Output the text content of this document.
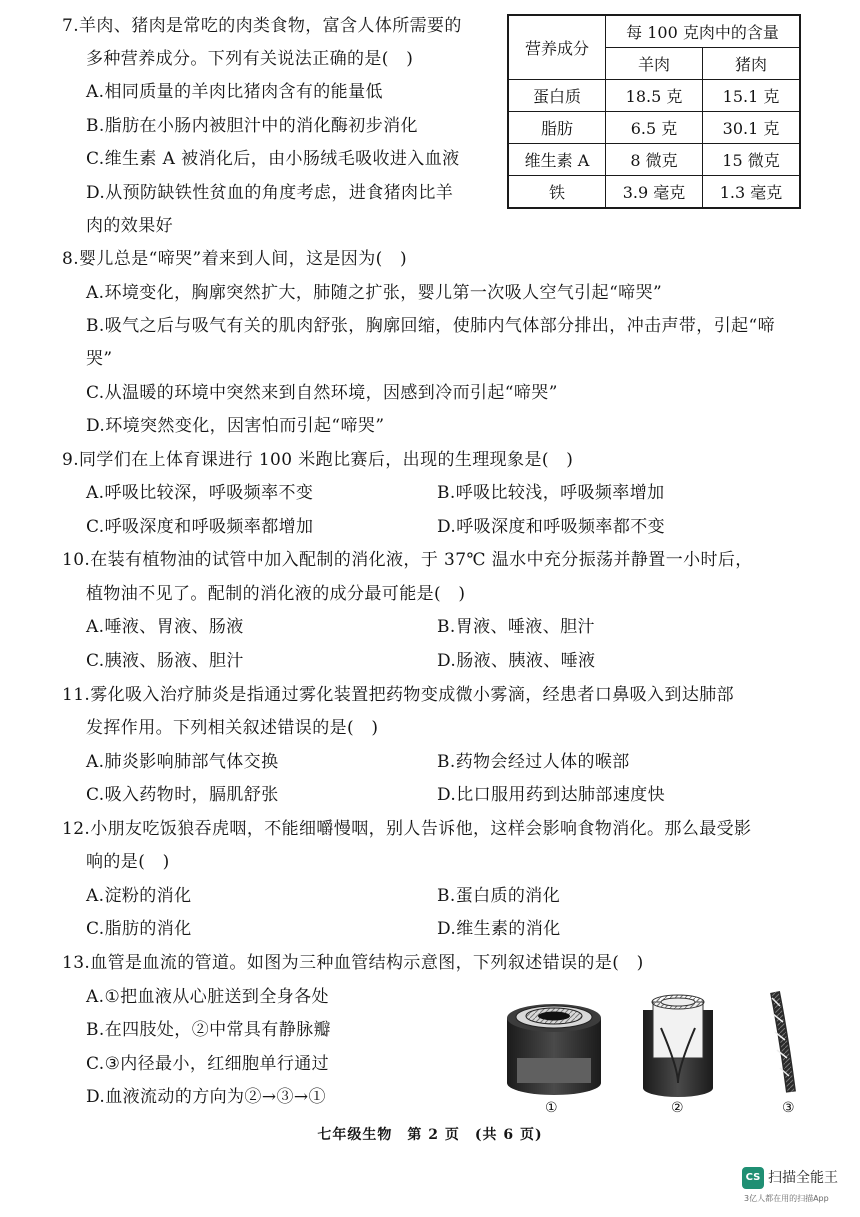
7.羊肉、猪肉是常吃的肉类食物，富含人体所需要的
多种营养成分。下列有关说法正确的是(　)
A.相同质量的羊肉比猪肉含有的能量低
B.脂肪在小肠内被胆汁中的消化酶初步消化
C.维生素 A 被消化后，由小肠绒毛吸收进入血液
D.从预防缺铁性贫血的角度考虑，进食猪肉比羊
肉的效果好
营养成分	每 100 克肉中的含量	
	羊肉	猪肉
蛋白质	18.5 克	15.1 克
脂肪	6.5 克	30.1 克
维生素 A	8 微克	15 微克
铁	3.9 毫克	1.3 毫克
8.婴儿总是“啼哭”着来到人间，这是因为(　)
A.环境变化，胸廓突然扩大，肺随之扩张，婴儿第一次吸人空气引起“啼哭”
B.吸气之后与吸气有关的肌肉舒张，胸廓回缩，使肺内气体部分排出，冲击声带，引起“啼
哭”
C.从温暖的环境中突然来到自然环境，因感到冷而引起“啼哭”
D.环境突然变化，因害怕而引起“啼哭”
9.同学们在上体育课进行 100 米跑比赛后，出现的生理现象是(　)
A.呼吸比较深，呼吸频率不变	B.呼吸比较浅，呼吸频率增加
C.呼吸深度和呼吸频率都增加	D.呼吸深度和呼吸频率都不变
10.在装有植物油的试管中加入配制的消化液，于 37℃ 温水中充分振荡并静置一小时后，
植物油不见了。配制的消化液的成分最可能是(　)
A.唾液、胃液、肠液	B.胃液、唾液、胆汁
C.胰液、肠液、胆汁	D.肠液、胰液、唾液
11.雾化吸入治疗肺炎是指通过雾化装置把药物变成微小雾滴，经患者口鼻吸入到达肺部
发挥作用。下列相关叙述错误的是(　)
A.肺炎影响肺部气体交换	B.药物会经过人体的喉部
C.吸入药物时，膈肌舒张	D.比口服用药到达肺部速度快
12.小朋友吃饭狼吞虎咽，不能细嚼慢咽，别人告诉他，这样会影响食物消化。那么最受影
响的是(　)
A.淀粉的消化	B.蛋白质的消化
C.脂肪的消化	D.维生素的消化
13.血管是血流的管道。如图为三种血管结构示意图，下列叙述错误的是(　)
A.①把血液从心脏送到全身各处
B.在四肢处，②中常具有静脉瓣
C.③内径最小，红细胞单行通过
D.血液流动的方向为②→③→①
①	②	③
七年级生物　第 2 页　(共 6 页)
CS 扫描全能王
3亿人都在用的扫描App
